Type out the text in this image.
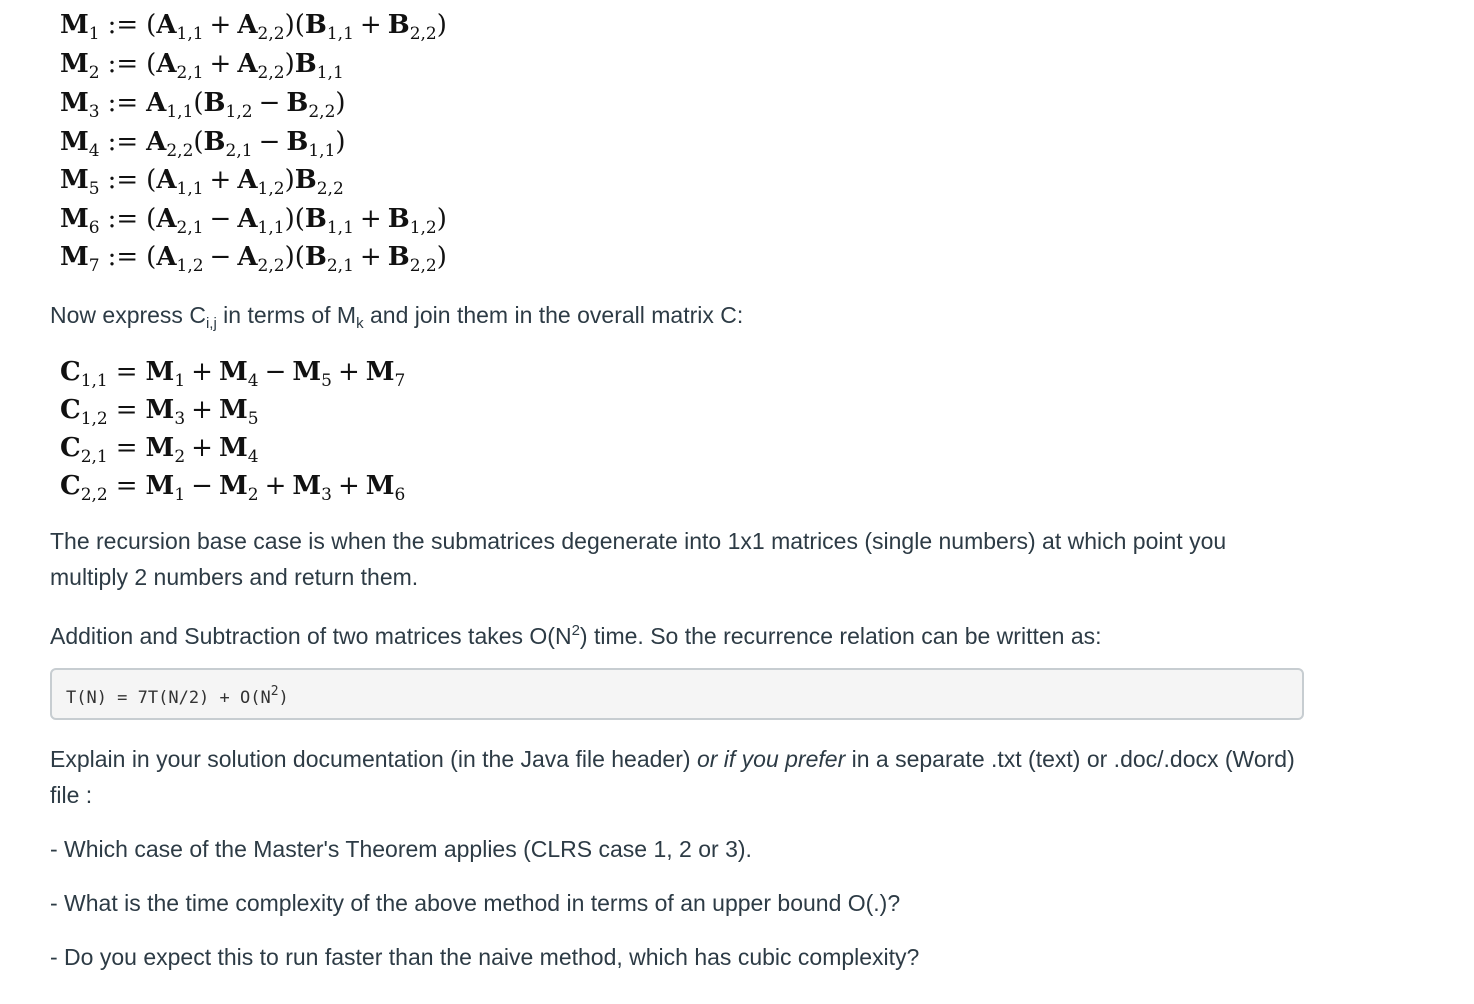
$M_1$ := $(A_{1,1} + A_{2,2})(B_{1,1} + B_{2,2})$
$M_2$ := $(A_{2,1} + A_{2,2})B_{1,1}$
$M_3$ := $A_{1,1}(B_{1,2} - B_{2,2})$
$M_4$ := $A_{2,2}(B_{2,1} - B_{1,1})$
$M_5$ := $(A_{1,1} + A_{1,2})B_{2,2}$
$M_6$ := $(A_{2,1} - A_{1,1})(B_{1,1} + B_{1,2})$
$M_7$ := $(A_{1,2} - A_{2,2})(B_{2,1} + B_{2,2})$
Now express $C_{i,j}$ in terms of $M_k$ and join them in the overall matrix C:
$C_{1,1} = M_1 + M_4 - M_5 + M_7$
$C_{1,2} = M_3 + M_5$
$C_{2,1} = M_2 + M_4$
$C_{2,2} = M_1 - M_2 + M_3 + M_6$
The recursion base case is when the submatrices degenerate into 1x1 matrices (single numbers) at which point you multiply 2 numbers and return them.
Addition and Subtraction of two matrices takes $O(N^2)$ time. So the recurrence relation can be written as:
$T(N) = 7T(N/2) + O(N^2)$
Explain in your solution documentation (in the Java file header) or if you prefer in a separate .txt (text) or .doc/.docx (Word) file :
- Which case of the Master's Theorem applies (CLRS case 1, 2 or 3).
- What is the time complexity of the above method in terms of an upper bound O(.)?
- Do you expect this to run faster than the naive method, which has cubic complexity?
